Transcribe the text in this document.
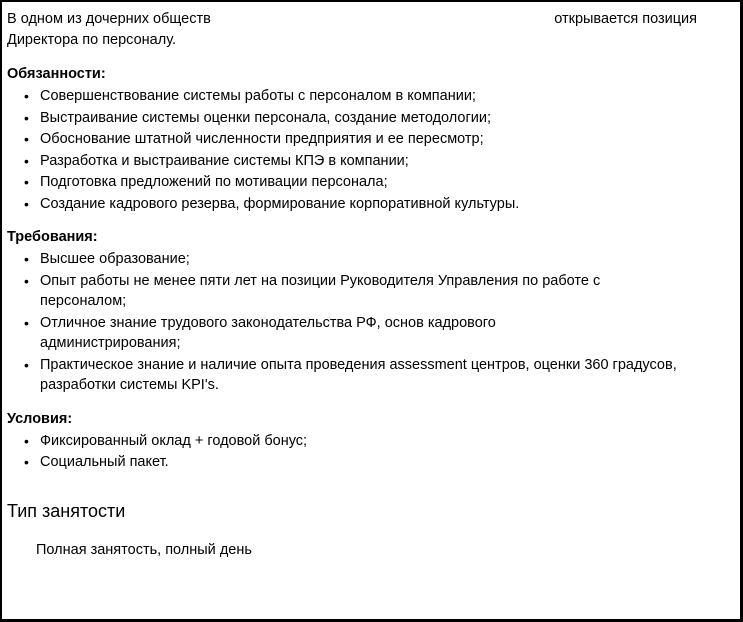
В одном из дочерних обществ	открывается позиция
Директора по персоналу.
Обязанности:
• Совершенствование системы работы с персоналом в компании;
• Выстраивание системы оценки персонала, создание методологии;
• Обоснование штатной численности предприятия и ее пересмотр;
• Разработка и выстраивание системы КПЭ в компании;
• Подготовка предложений по мотивации персонала;
• Создание кадрового резерва, формирование корпоративной культуры.
Требования:
• Высшее образование;
• Опыт работы не менее пяти лет на позиции Руководителя Управления по работе с персоналом;
• Отличное знание трудового законодательства РФ, основ кадрового администрирования;
• Практическое знание и наличие опыта проведения assessment центров, оценки 360 градусов, разработки системы KPI's.
Условия:
• Фиксированный оклад + годовой бонус;
• Социальный пакет.
Тип занятости
Полная занятость, полный день
